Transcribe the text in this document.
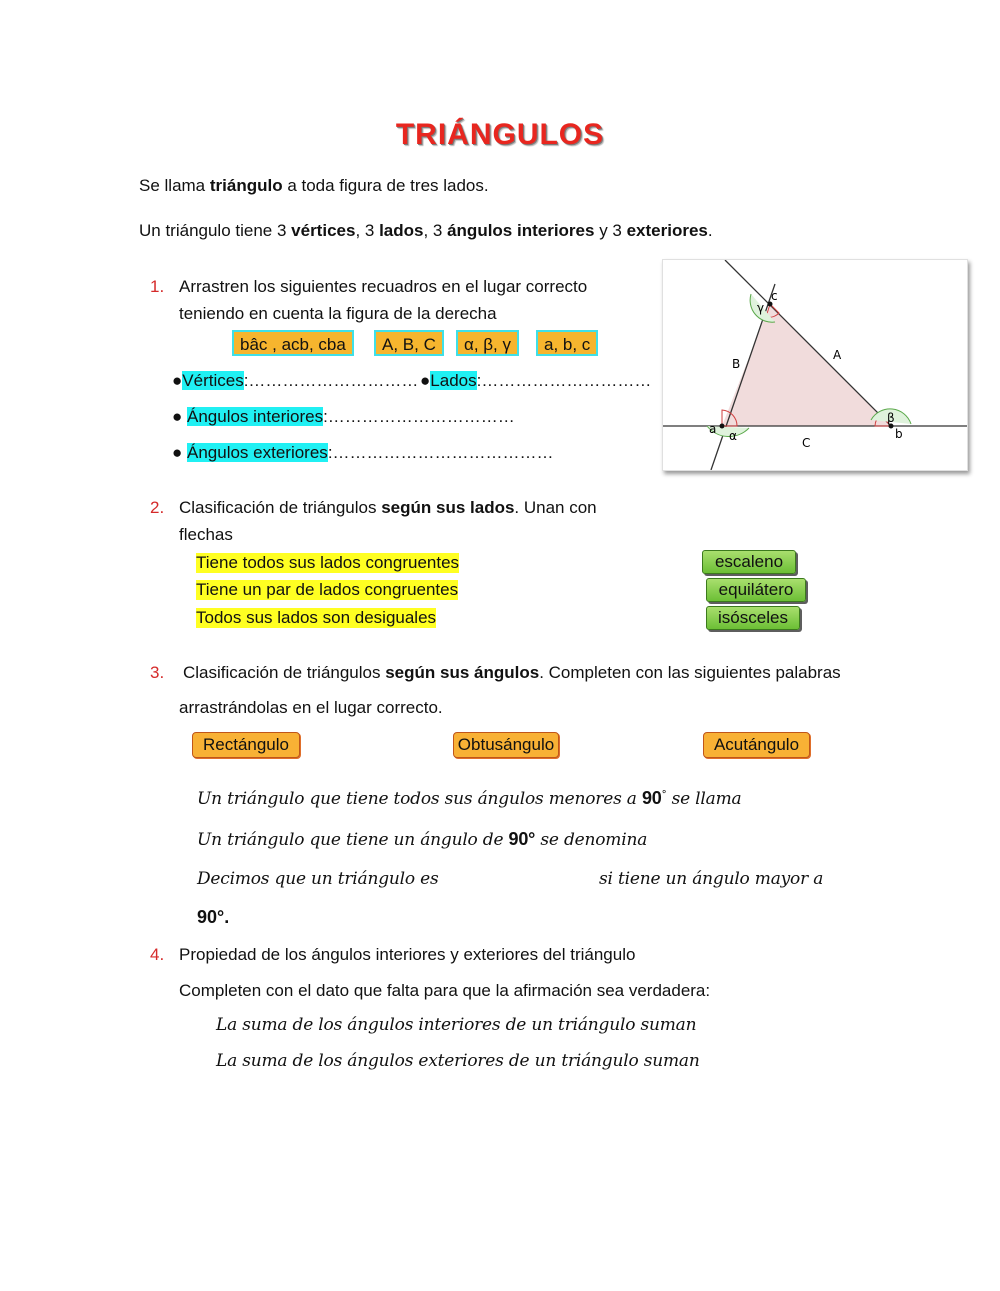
TRIÁNGULOS
Se llama triángulo a toda figura de tres lados.
Un triángulo tiene 3 vértices, 3 lados, 3 ángulos interiores y 3 exteriores.
1. Arrastren los siguientes recuadros en el lugar correcto
teniendo en cuenta la figura de la derecha
bâc , acb, cba	A, B, C	α, β, γ	a, b, c
●Vértices:………………………… ●Lados:…………………………
● Ángulos interiores:……………………………
● Ángulos exteriores:…………………………………
a	b
c
A
B
C
α
β
γ
2. Clasificación de triángulos según sus lados. Unan con
flechas
Tiene todos sus lados congruentes
Tiene un par de lados congruentes
Todos sus lados son desiguales
escaleno
equilátero
isósceles
3. Clasificación de triángulos según sus ángulos. Completen con las siguientes palabras
arrastrándolas en el lugar correcto.
Rectángulo	Obtusángulo	Acutángulo
Un triángulo que tiene todos sus ángulos menores a 90° se llama
Un triángulo que tiene un ángulo de 90° se denomina
Decimos que un triángulo es	si tiene un ángulo mayor a
90°.
4. Propiedad de los ángulos interiores y exteriores del triángulo
Completen con el dato que falta para que la afirmación sea verdadera:
La suma de los ángulos interiores de un triángulo suman
La suma de los ángulos exteriores de un triángulo suman
